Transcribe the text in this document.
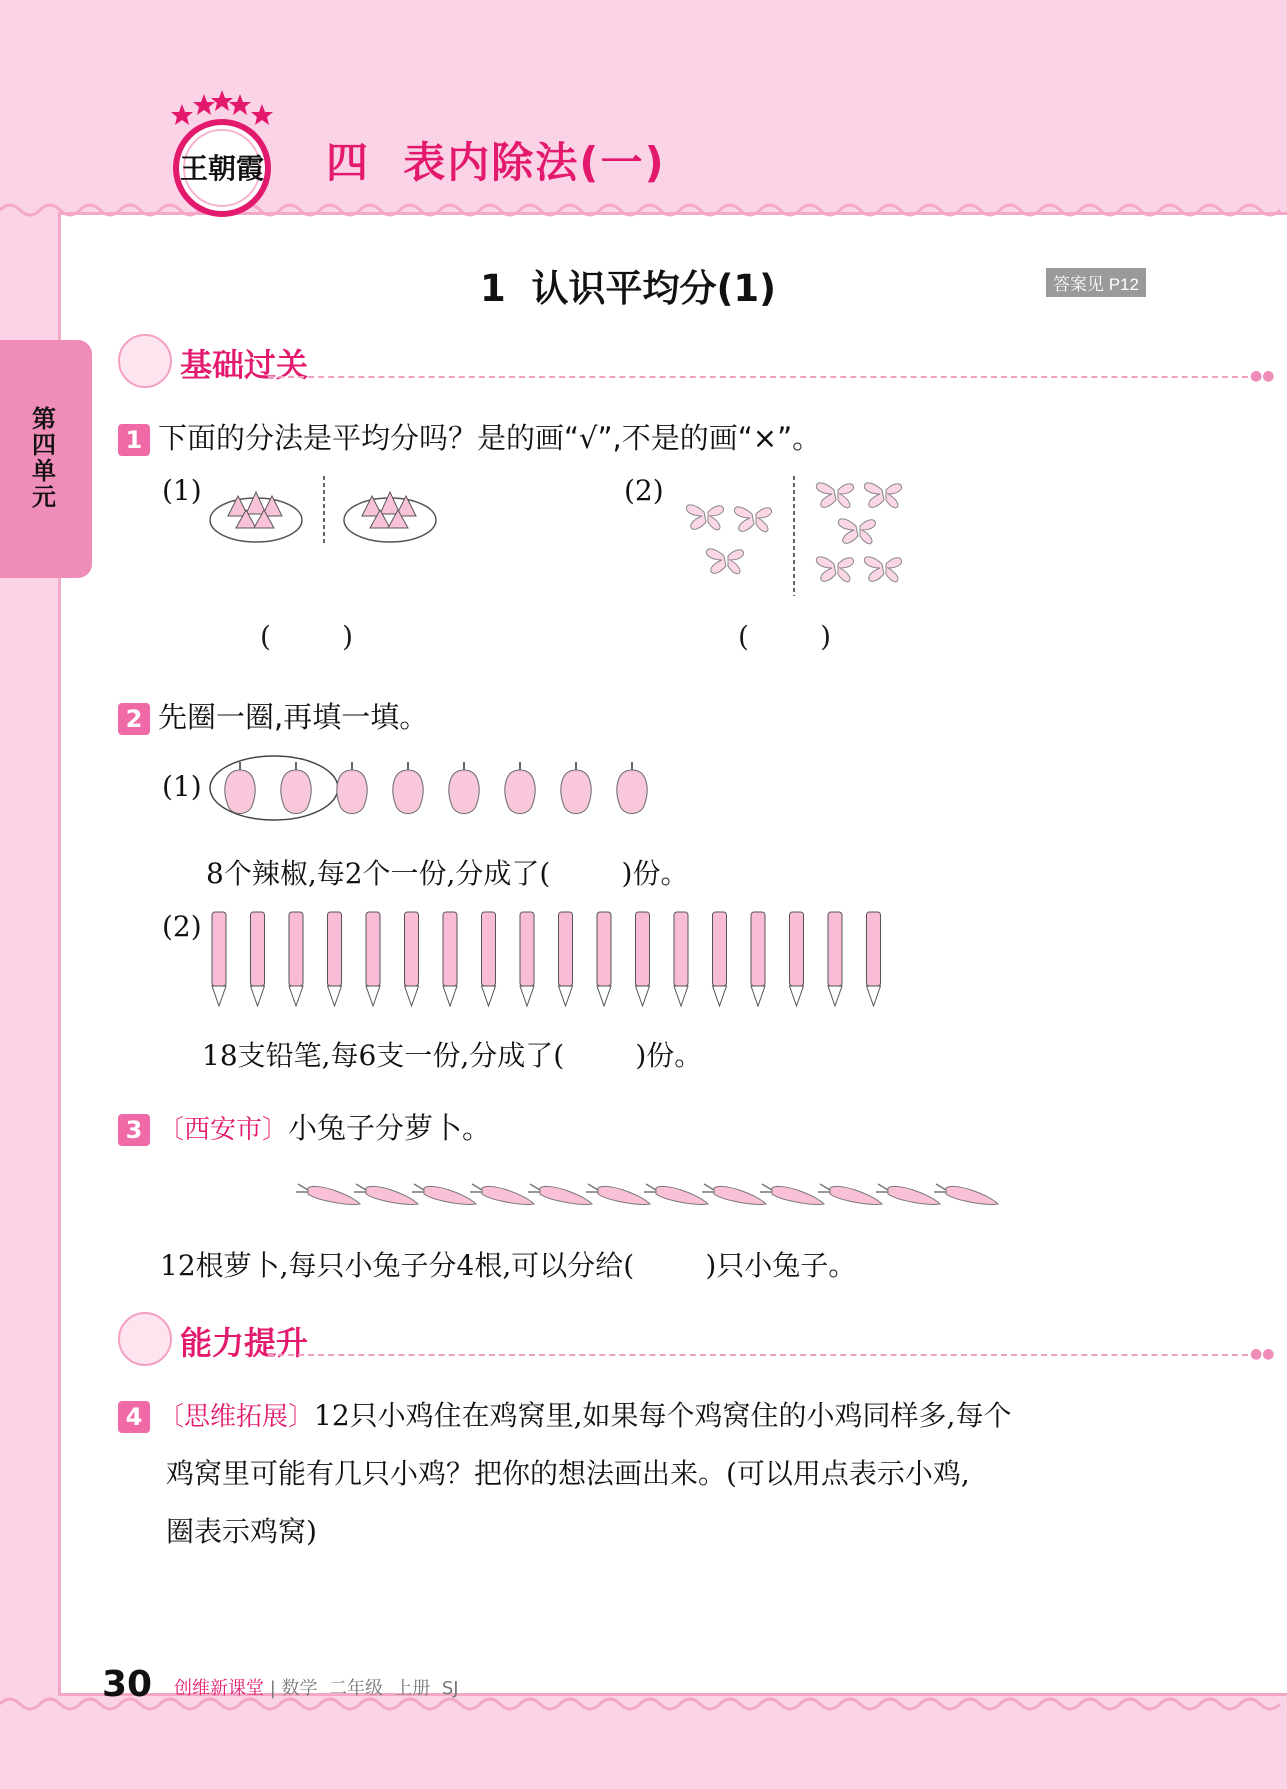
王朝霞 四  表内除法(一)
1  认识平均分(1)	答案见 P12
第四单元
基础过关	●●
1 下面的分法是平均分吗？是的画“√”,不是的画“×”。
(1)	(2)
(        )	(        )
2 先圈一圈,再填一填。
(1)
8个辣椒,每2个一份,分成了(        )份。
(2)
18支铅笔,每6支一份,分成了(        )份。
3 〔西安市〕小兔子分萝卜。
12根萝卜,每只小兔子分4根,可以分给(        )只小兔子。
能力提升	●●
4 〔思维拓展〕12只小鸡住在鸡窝里,如果每个鸡窝住的小鸡同样多,每个
鸡窝里可能有几只小鸡？把你的想法画出来。(可以用点表示小鸡,
圈表示鸡窝)
30 创维新课堂 | 数学  二年级  上册  SJ
